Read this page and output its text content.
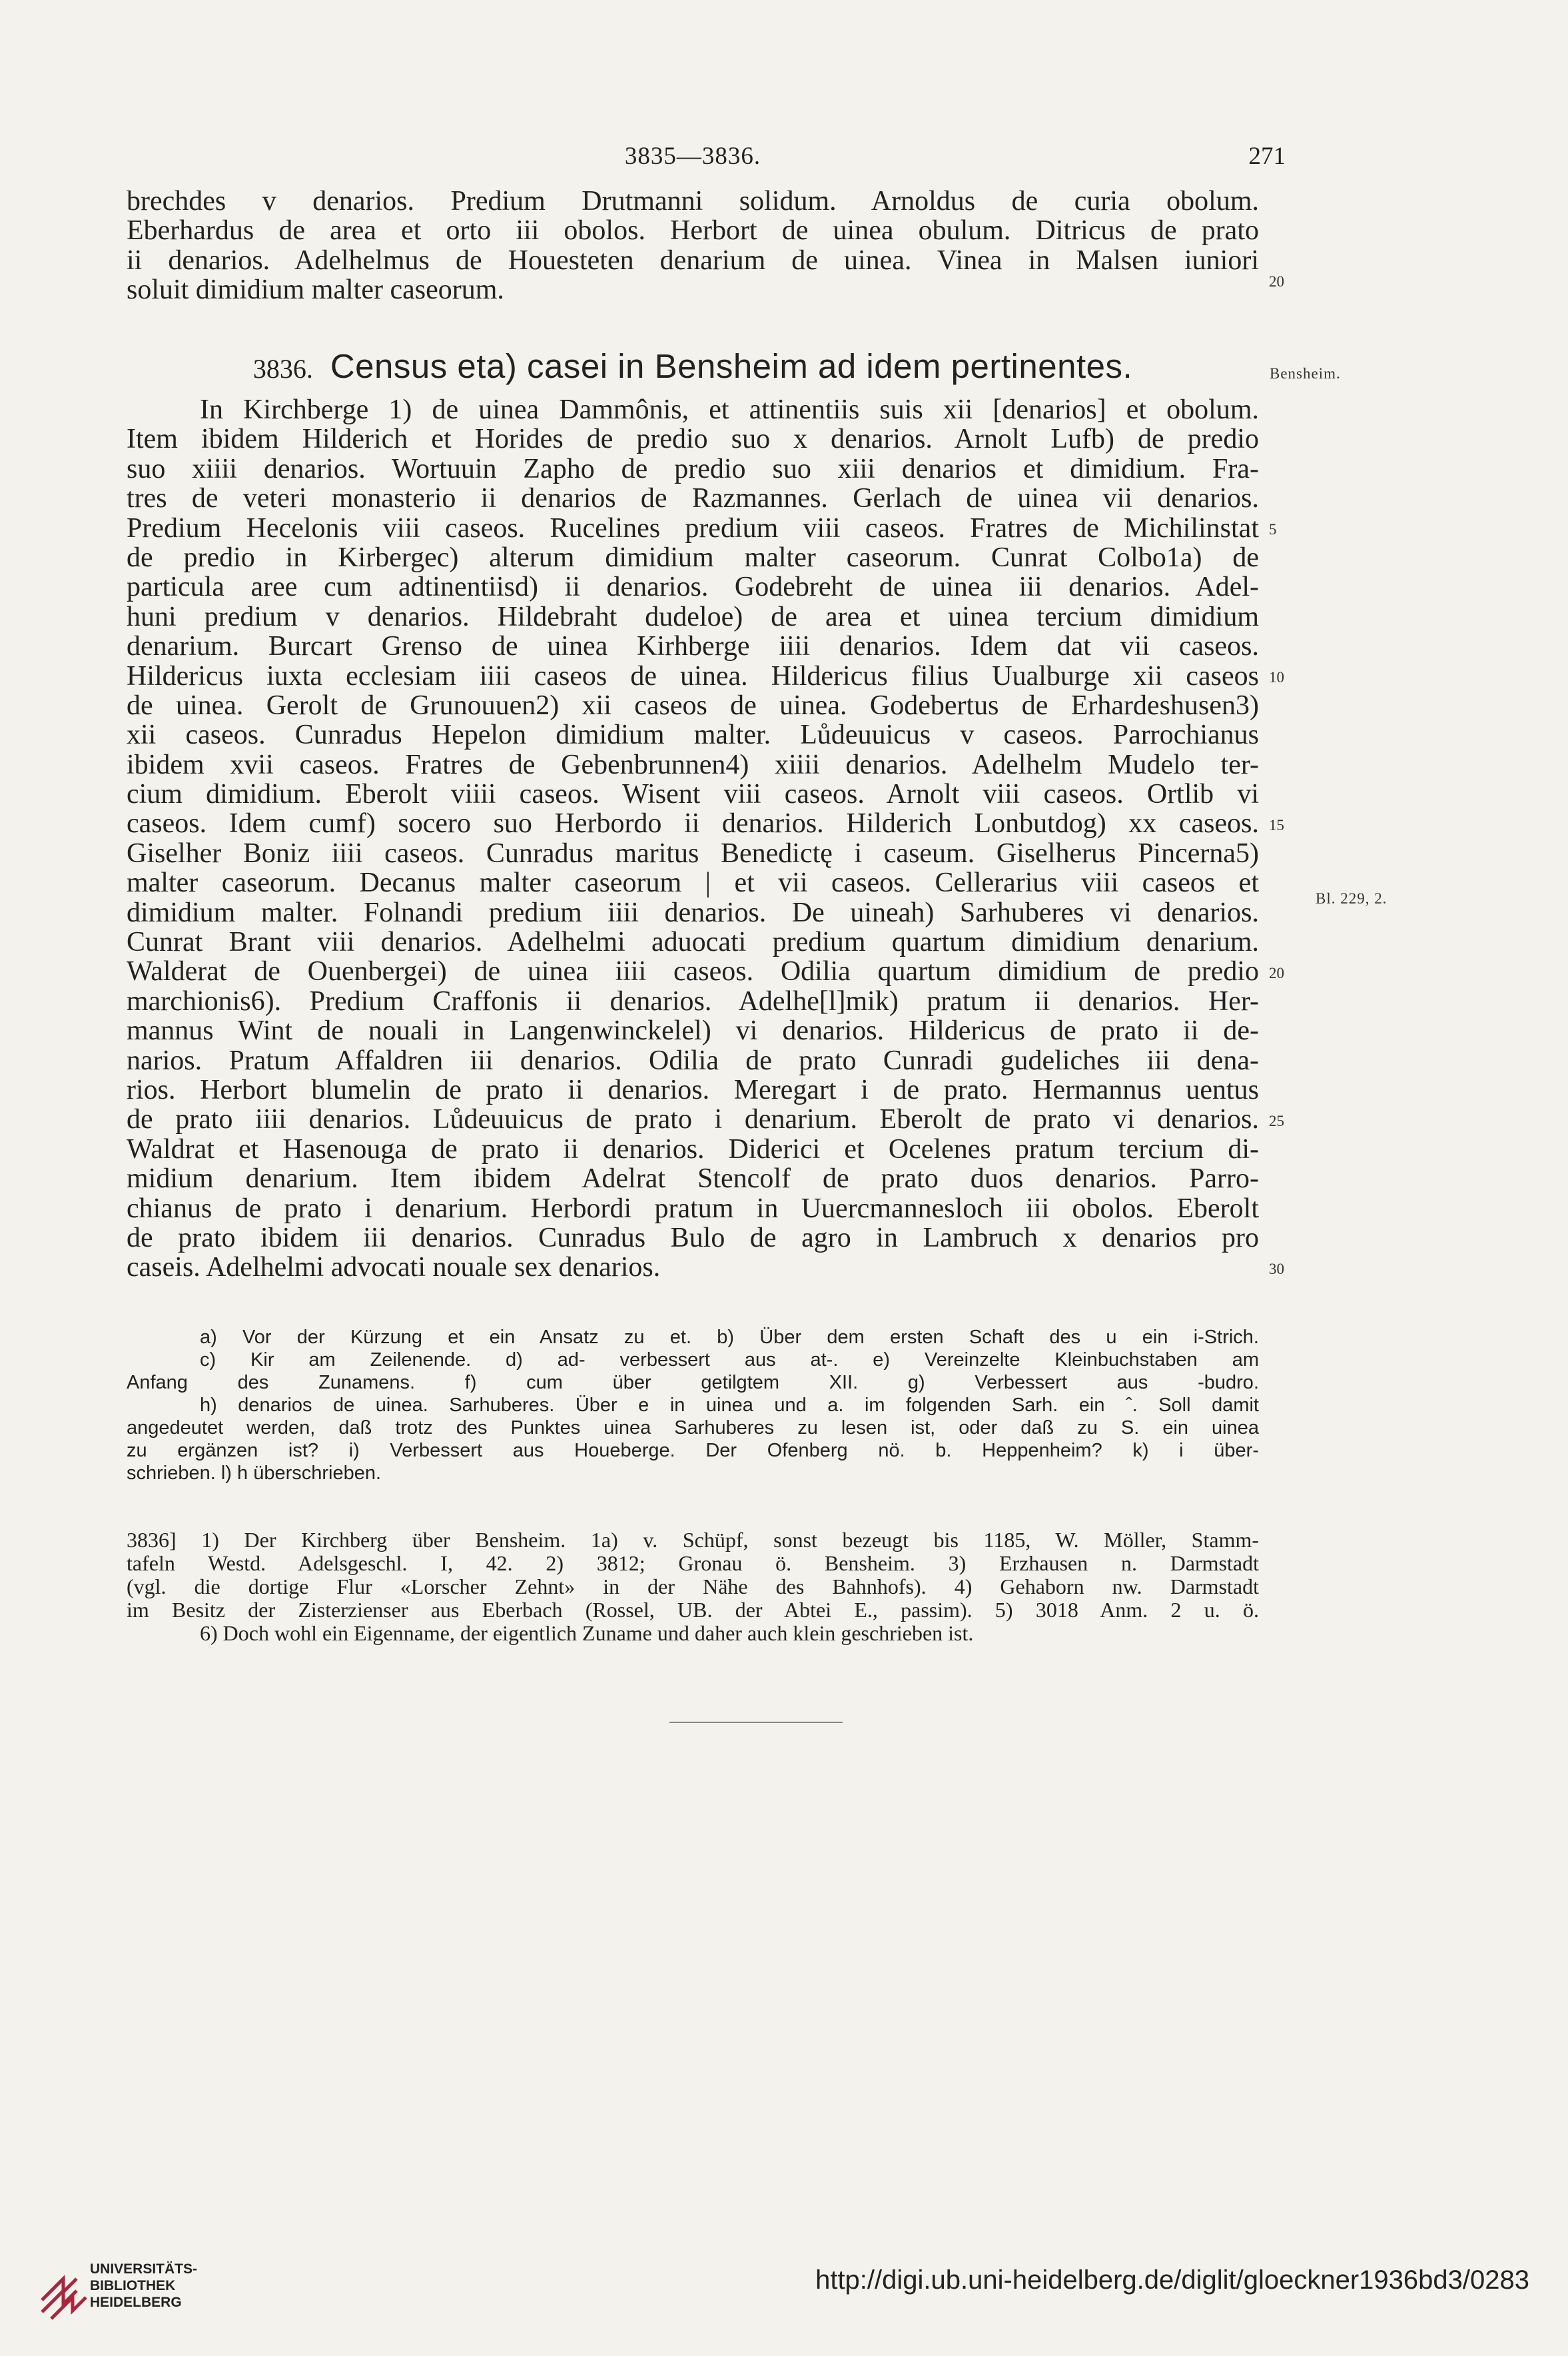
3835—3836.	271
brechdes v denarios. Predium Drutmanni solidum. Arnoldus de curia obolum.
Eberhardus de area et orto iii obolos. Herbort de uinea obulum. Ditricus de prato
ii denarios. Adelhelmus de Houesteten denarium de uinea. Vinea in Malsen iuniori
soluit dimidium malter caseorum.	20
3836. Census eta) casei in Bensheim ad idem pertinentes.	Bensheim.
In Kirchberge 1) de uinea Dammônis, et attinentiis suis xii [denarios] et obolum.
Item ibidem Hilderich et Horides de predio suo x denarios. Arnolt Lufb) de predio
suo xiiii denarios. Wortuuin Zapho de predio suo xiii denarios et dimidium. Fra-
tres de veteri monasterio ii denarios de Razmannes. Gerlach de uinea vii denarios.
Predium Hecelonis viii caseos. Rucelines predium viii caseos. Fratres de Michilinstat
de predio in Kirbergec) alterum dimidium malter caseorum. Cunrat Colbo1a) de
particula aree cum adtinentiisd) ii denarios. Godebreht de uinea iii denarios. Adel-
huni predium v denarios. Hildebraht dudeloe) de area et uinea tercium dimidium
denarium. Burcart Grenso de uinea Kirhberge iiii denarios. Idem dat vii caseos.
Hildericus iuxta ecclesiam iiii caseos de uinea. Hildericus filius Uualburge xii caseos
de uinea. Gerolt de Grunouuen2) xii caseos de uinea. Godebertus de Erhardeshusen3)
xii caseos. Cunradus Hepelon dimidium malter. Lůdeuuicus v caseos. Parrochianus
ibidem xvii caseos. Fratres de Gebenbrunnen4) xiiii denarios. Adelhelm Mudelo ter-
cium dimidium. Eberolt viiii caseos. Wisent viii caseos. Arnolt viii caseos. Ortlib vi
caseos. Idem cumf) socero suo Herbordo ii denarios. Hilderich Lonbutdog) xx caseos.
Giselher Boniz iiii caseos. Cunradus maritus Benedictę i caseum. Giselherus Pincerna5)
malter caseorum. Decanus malter caseorum | et vii caseos. Cellerarius viii caseos et
dimidium malter. Folnandi predium iiii denarios. De uineah) Sarhuberes vi denarios.
Cunrat Brant viii denarios. Adelhelmi aduocati predium quartum dimidium denarium.
Walderat de Ouenbergei) de uinea iiii caseos. Odilia quartum dimidium de predio
marchionis6). Predium Craffonis ii denarios. Adelhe[l]mik) pratum ii denarios. Her-
mannus Wint de nouali in Langenwinckelel) vi denarios. Hildericus de prato ii de-
narios. Pratum Affaldren iii denarios. Odilia de prato Cunradi gudeliches iii dena-
rios. Herbort blumelin de prato ii denarios. Meregart i de prato. Hermannus uentus
de prato iiii denarios. Lůdeuuicus de prato i denarium. Eberolt de prato vi denarios.
Waldrat et Hasenouga de prato ii denarios. Diderici et Ocelenes pratum tercium di-
midium denarium. Item ibidem Adelrat Stencolf de prato duos denarios. Parro-
chianus de prato i denarium. Herbordi pratum in Uuercmannesloch iii obolos. Eberolt
de prato ibidem iii denarios. Cunradus Bulo de agro in Lambruch x denarios pro
caseis. Adelhelmi advocati nouale sex denarios.
5
10
15
20
25
30
Bl. 229, 2.
a) Vor der Kürzung et ein Ansatz zu et. b) Über dem ersten Schaft des u ein i-Strich.
c) Kir am Zeilenende. d) ad- verbessert aus at-. e) Vereinzelte Kleinbuchstaben am
Anfang des Zunamens. f) cum über getilgtem XII. g) Verbessert aus -budro.
h) denarios de uinea. Sarhuberes. Über e in uinea und a. im folgenden Sarh. ein ˆ. Soll damit
angedeutet werden, daß trotz des Punktes uinea Sarhuberes zu lesen ist, oder daß zu S. ein uinea
zu ergänzen ist? i) Verbessert aus Houeberge. Der Ofenberg nö. b. Heppenheim? k) i über-
schrieben. l) h überschrieben.
3836] 1) Der Kirchberg über Bensheim. 1a) v. Schüpf, sonst bezeugt bis 1185, W. Möller, Stamm-
tafeln Westd. Adelsgeschl. I, 42. 2) 3812; Gronau ö. Bensheim. 3) Erzhausen n. Darmstadt
(vgl. die dortige Flur «Lorscher Zehnt» in der Nähe des Bahnhofs). 4) Gehaborn nw. Darmstadt
im Besitz der Zisterzienser aus Eberbach (Rossel, UB. der Abtei E., passim). 5) 3018 Anm. 2 u. ö.
6) Doch wohl ein Eigenname, der eigentlich Zuname und daher auch klein geschrieben ist.
UNIVERSITÄTS-
BIBLIOTHEK
HEIDELBERG
http://digi.ub.uni-heidelberg.de/diglit/gloeckner1936bd3/0283
